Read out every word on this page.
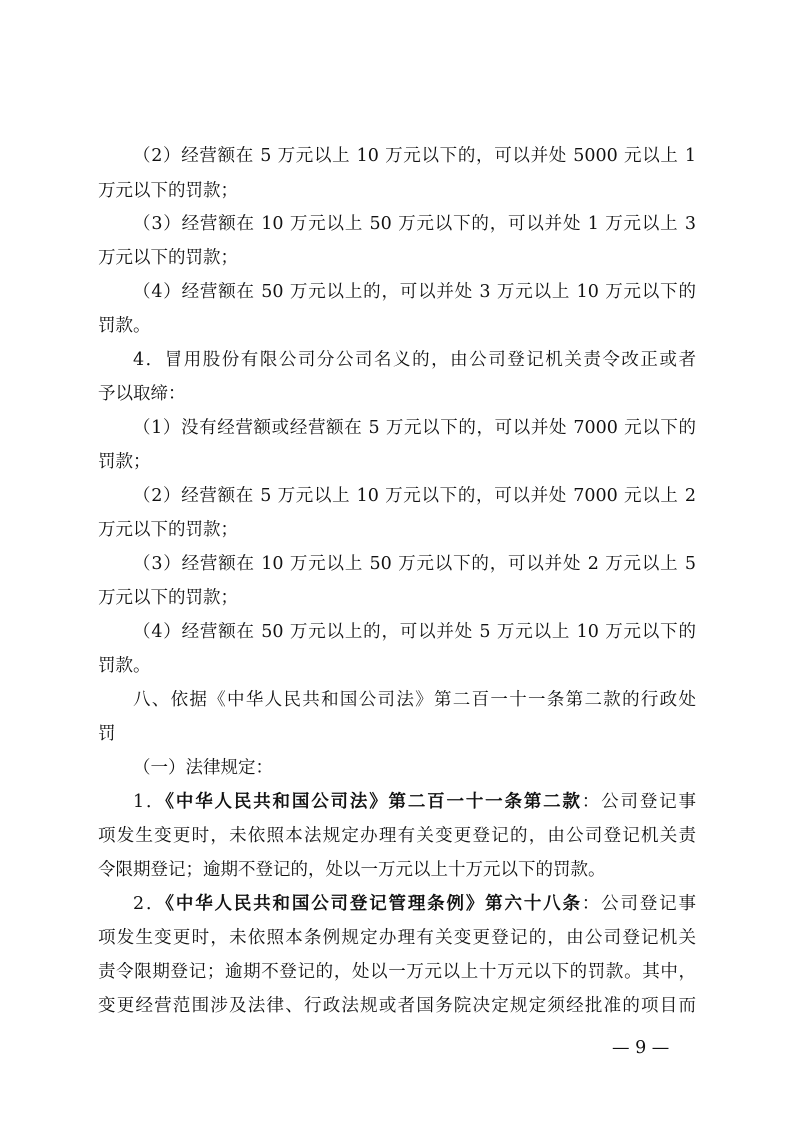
（2）经营额在 5 万元以上 10 万元以下的，可以并处 5000 元以上 1
万元以下的罚款；
（3）经营额在 10 万元以上 50 万元以下的，可以并处 1 万元以上 3
万元以下的罚款；
（4）经营额在 50 万元以上的，可以并处 3 万元以上 10 万元以下的
罚款。
4．冒用股份有限公司分公司名义的，由公司登记机关责令改正或者
予以取缔：
（1）没有经营额或经营额在 5 万元以下的，可以并处 7000 元以下的
罚款；
（2）经营额在 5 万元以上 10 万元以下的，可以并处 7000 元以上 2
万元以下的罚款；
（3）经营额在 10 万元以上 50 万元以下的，可以并处 2 万元以上 5
万元以下的罚款；
（4）经营额在 50 万元以上的，可以并处 5 万元以上 10 万元以下的
罚款。
八、依据《中华人民共和国公司法》第二百一十一条第二款的行政处
罚
（一）法律规定：
1．《中华人民共和国公司法》第二百一十一条第二款：公司登记事
项发生变更时，未依照本法规定办理有关变更登记的，由公司登记机关责
令限期登记；逾期不登记的，处以一万元以上十万元以下的罚款。
2．《中华人民共和国公司登记管理条例》第六十八条：公司登记事
项发生变更时，未依照本条例规定办理有关变更登记的，由公司登记机关
责令限期登记；逾期不登记的，处以一万元以上十万元以下的罚款。其中，
变更经营范围涉及法律、行政法规或者国务院决定规定须经批准的项目而
— 9 —
